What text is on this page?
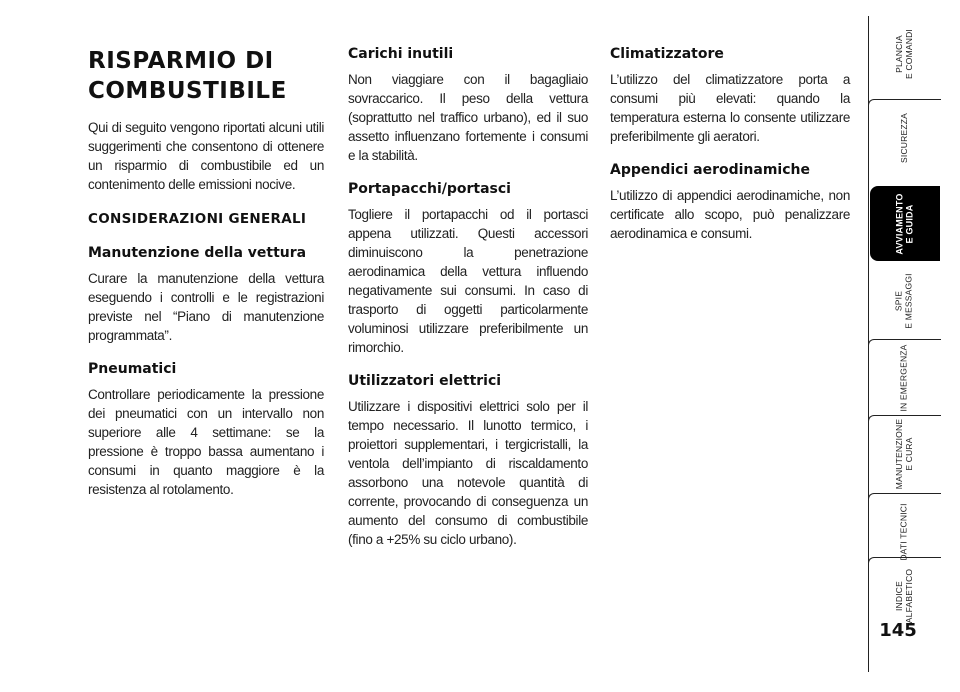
RISPARMIO DI COMBUSTIBILE

Qui di seguito vengono riportati alcuni utili suggerimenti che consentono di ottenere un risparmio di combustibile ed un contenimento delle emissioni nocive.

CONSIDERAZIONI GENERALI
Manutenzione della vettura

Curare la manutenzione della vettura eseguendo i controlli e le registrazioni previste nel “Piano di manutenzione programmata”.

Pneumatici

Controllare periodicamente la pressione dei pneumatici con un intervallo non superiore alle 4 settimane: se la pressione è troppo bassa aumentano i consumi in quanto maggiore è la resistenza al rotolamento.

Carichi inutili

Non viaggiare con il bagagliaio sovraccarico. Il peso della vettura (soprattutto nel traffico urbano), ed il suo assetto influenzano fortemente i consumi e la stabilità.

Portapacchi/portasci

Togliere il portapacchi od il portasci appena utilizzati. Questi accessori diminuiscono la penetrazione aerodinamica della vettura influendo negativamente sui consumi. In caso di trasporto di oggetti particolarmente voluminosi utilizzare preferibilmente un rimorchio.

Utilizzatori elettrici

Utilizzare i dispositivi elettrici solo per il tempo necessario. Il lunotto termico, i proiettori supplementari, i tergicristalli, la ventola dell’impianto di riscaldamento assorbono una notevole quantità di corrente, provocando di conseguenza un aumento del consumo di combustibile (fino a +25% su ciclo urbano).

Climatizzatore

L’utilizzo del climatizzatore porta a consumi più elevati: quando la temperatura esterna lo consente utilizzare preferibilmente gli aeratori.

Appendici aerodinamiche

L’utilizzo di appendici aerodinamiche, non certificate allo scopo, può penalizzare aerodinamica e consumi.

PLANCIA
E COMANDI
SICUREZZA
AVVIAMENTO
E GUIDA
SPIE
E MESSAGGI
IN EMERGENZA
MANUTENZIONE
E CURA
DATI TECNICI
INDICE
ALFABETICO
145
